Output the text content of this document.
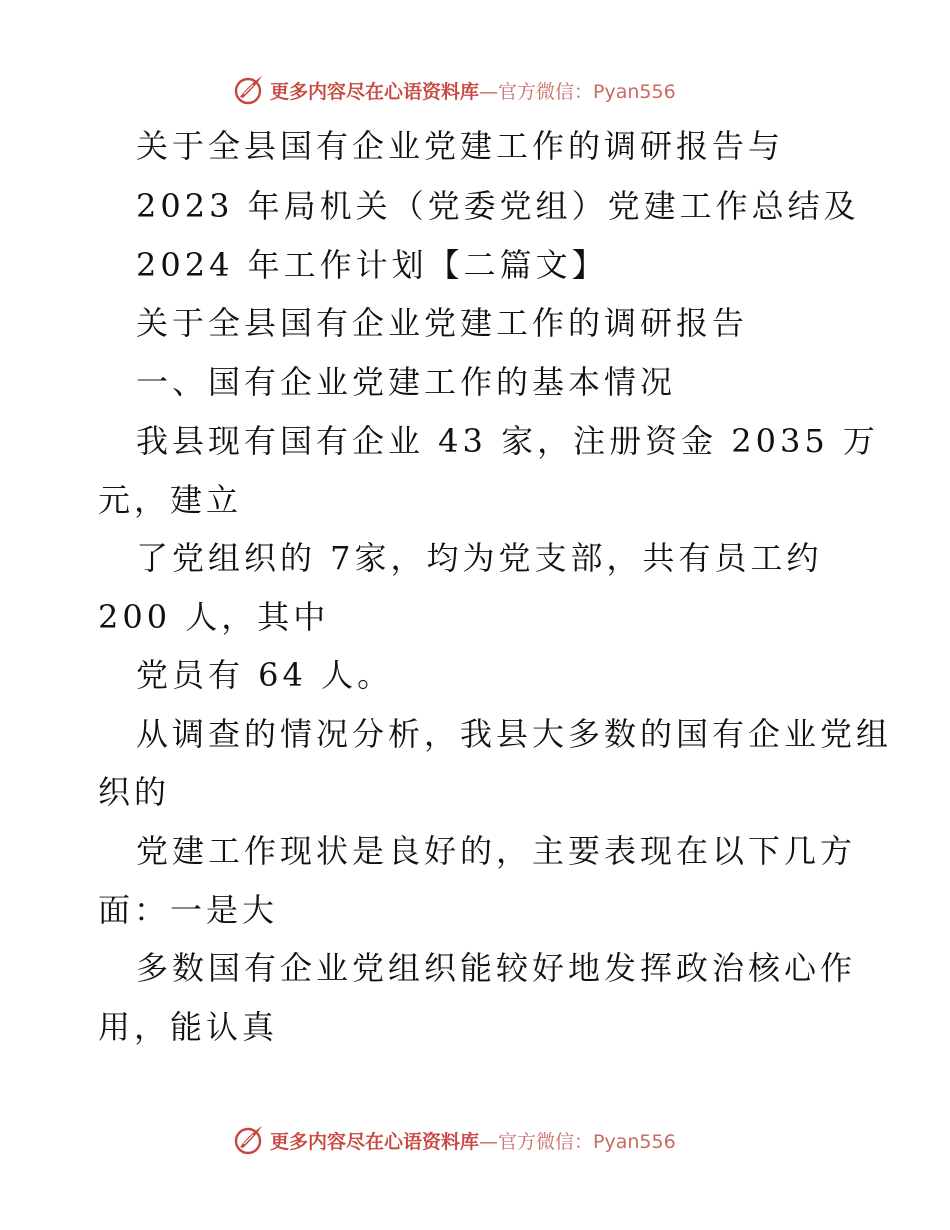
更多内容尽在心语资料库 —官方微信：Pyan556

关于全县国有企业党建工作的调研报告与

2023 年局机关（党委党组）党建工作总结及

2024 年工作计划【二篇文】

关于全县国有企业党建工作的调研报告

一、国有企业党建工作的基本情况

我县现有国有企业 43 家，注册资金 2035 万

元，建立

了党组织的 7家，均为党支部，共有员工约

200 人，其中

党员有 64 人。

从调查的情况分析，我县大多数的国有企业党组

织的

党建工作现状是良好的，主要表现在以下几方

面：一是大

多数国有企业党组织能较好地发挥政治核心作

用，能认真

更多内容尽在心语资料库 —官方微信：Pyan556
